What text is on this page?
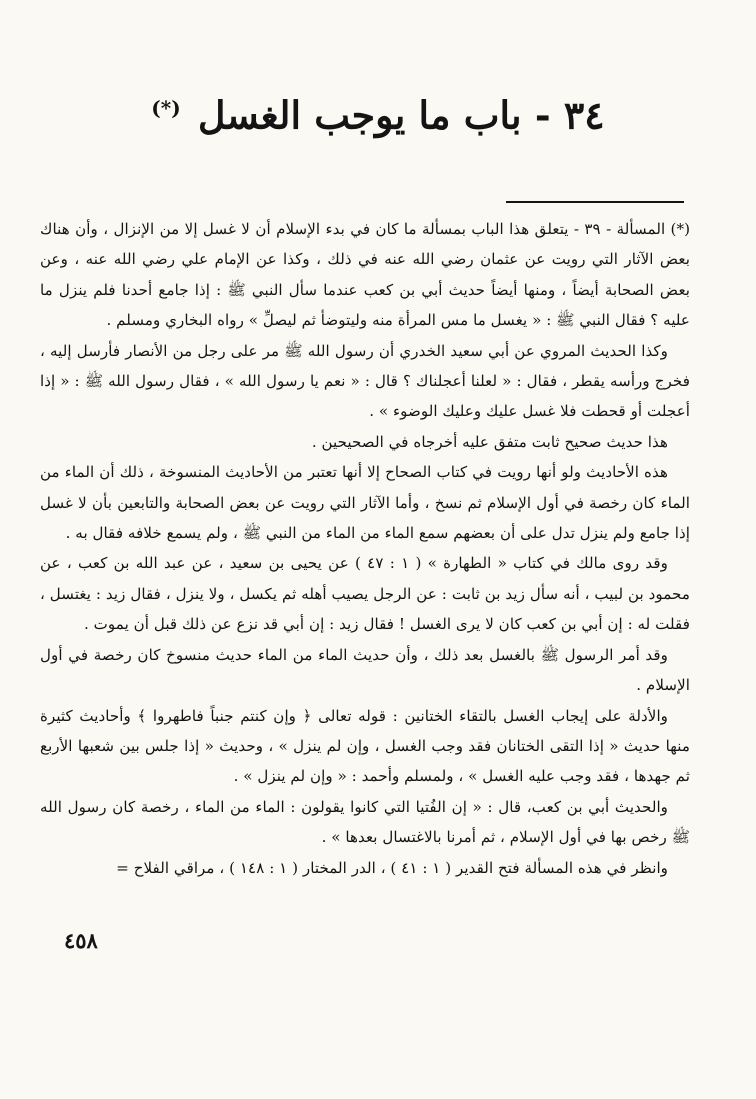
٣٤ - باب ما يوجب الغسل (*)

(*) المسألة - ٣٩ - يتعلق هذا الباب بمسألة ما كان في بدء الإسلام أن لا غسل إلا من الإنزال ، وأن هناك بعض الآثار التي رويت عن عثمان رضي الله عنه في ذلك ، وكذا عن الإمام علي رضي الله عنه ، وعن بعض الصحابة أيضاً ، ومنها أيضاً حديث أبي بن كعب عندما سأل النبي ﷺ : إذا جامع أحدنا فلم ينزل ما عليه ؟ فقال النبي ﷺ : « يغسل ما مس المرأة منه وليتوضأ ثم ليصلِّ » رواه البخاري ومسلم .

وكذا الحديث المروي عن أبي سعيد الخدري أن رسول الله ﷺ مر على رجل من الأنصار فأرسل إليه ، فخرج ورأسه يقطر ، فقال : « لعلنا أعجلناك ؟ قال : « نعم يا رسول الله » ، فقال رسول الله ﷺ : « إذا أعجلت أو قحطت فلا غسل عليك وعليك الوضوء » .

هذا حديث صحيح ثابت متفق عليه أخرجاه في الصحيحين .

هذه الأحاديث ولو أنها رويت في كتاب الصحاح إلا أنها تعتبر من الأحاديث المنسوخة ، ذلك أن الماء من الماء كان رخصة في أول الإسلام ثم نسخ ، وأما الآثار التي رويت عن بعض الصحابة والتابعين بأن لا غسل إذا جامع ولم ينزل تدل على أن بعضهم سمع الماء من الماء من النبي ﷺ ، ولم يسمع خلافه فقال به .

وقد روى مالك في كتاب « الطهارة » ( ١ : ٤٧ ) عن يحيى بن سعيد ، عن عبد الله بن كعب ، عن محمود بن لبيب ، أنه سأل زيد بن ثابت : عن الرجل يصيب أهله ثم يكسل ، ولا ينزل ، فقال زيد : يغتسل ، فقلت له : إن أبي بن كعب كان لا يرى الغسل ! فقال زيد : إن أبي قد نزع عن ذلك قبل أن يموت .

وقد أمر الرسول ﷺ بالغسل بعد ذلك ، وأن حديث الماء من الماء حديث منسوخ كان رخصة في أول الإسلام .

والأدلة على إيجاب الغسل بالتقاء الختانين : قوله تعالى ﴿ وإن كنتم جنباً فاطهروا ﴾ وأحاديث كثيرة منها حديث « إذا التقى الختانان فقد وجب الغسل ، وإن لم ينزل » ، وحديث « إذا جلس بين شعبها الأربع ثم جهدها ، فقد وجب عليه الغسل » ، ولمسلم وأحمد : « وإن لم ينزل » .

والحديث أبي بن كعب، قال : « إن الفُتيا التي كانوا يقولون : الماء من الماء ، رخصة كان رسول الله ﷺ رخص بها في أول الإسلام ، ثم أمرنا بالاغتسال بعدها » .

وانظر في هذه المسألة فتح القدير ( ١ : ٤١ ) ، الدر المختار ( ١ : ١٤٨ ) ، مراقي الفلاح =

٤٥٨
